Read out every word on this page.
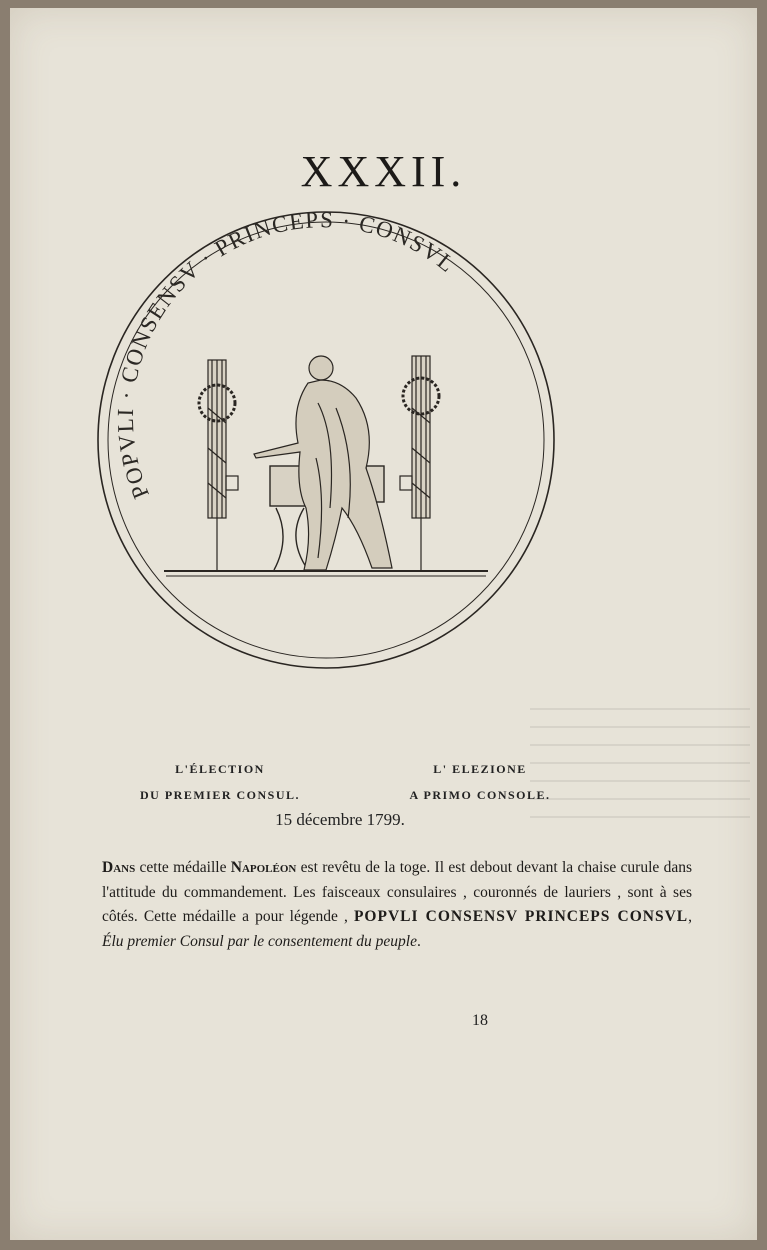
XXXII.
POPVLI · CONSENSV · PRINCEPS · CONSVL
L'ÉLECTION
DU PREMIER CONSUL.
L' ELEZIONE
A PRIMO CONSOLE.
15 décembre 1799.
Dans cette médaille Napoléon est revêtu de la toge. Il est debout devant la chaise curule dans l'attitude du commandement. Les faisceaux consulaires , couronnés de lauriers , sont à ses côtés. Cette médaille a pour légende , POPVLI CONSENSV PRINCEPS CONSVL, Élu premier Consul par le consentement du peuple.
18
